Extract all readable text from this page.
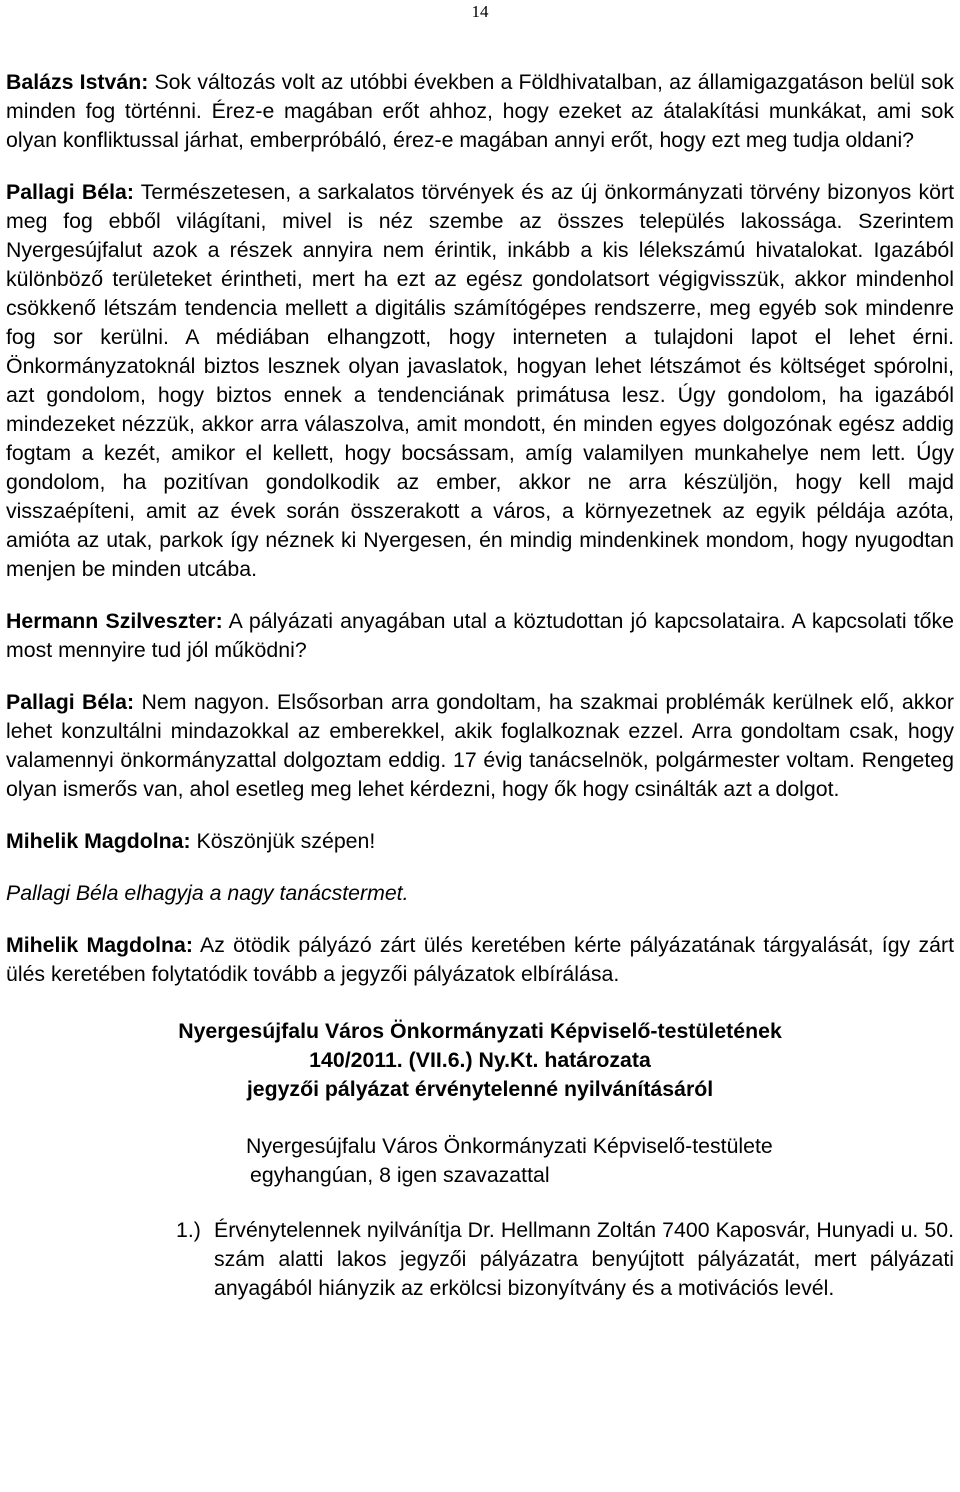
14

Balázs István: Sok változás volt az utóbbi években a Földhivatalban, az államigazgatáson belül sok minden fog történni. Érez-e magában erőt ahhoz, hogy ezeket az átalakítási munkákat, ami sok olyan konfliktussal járhat, emberpróbáló, érez-e magában annyi erőt, hogy ezt meg tudja oldani?

Pallagi Béla: Természetesen, a sarkalatos törvények és az új önkormányzati törvény bizonyos kört meg fog ebből világítani, mivel is néz szembe az összes település lakossága. Szerintem Nyergesújfalut azok a részek annyira nem érintik, inkább a kis lélekszámú hivatalokat. Igazából különböző területeket érintheti, mert ha ezt az egész gondolatsort végigvisszük, akkor mindenhol csökkenő létszám tendencia mellett a digitális számítógépes rendszerre, meg egyéb sok mindenre fog sor kerülni. A médiában elhangzott, hogy interneten a tulajdoni lapot el lehet érni. Önkormányzatoknál biztos lesznek olyan javaslatok, hogyan lehet létszámot és költséget spórolni, azt gondolom, hogy biztos ennek a tendenciának primátusa lesz. Úgy gondolom, ha igazából mindezeket nézzük, akkor arra válaszolva, amit mondott, én minden egyes dolgozónak egész addig fogtam a kezét, amikor el kellett, hogy bocsássam, amíg valamilyen munkahelye nem lett. Úgy gondolom, ha pozitívan gondolkodik az ember, akkor ne arra készüljön, hogy kell majd visszaépíteni, amit az évek során összerakott a város, a környezetnek az egyik példája azóta, amióta az utak, parkok így néznek ki Nyergesen, én mindig mindenkinek mondom, hogy nyugodtan menjen be minden utcába.

Hermann Szilveszter: A pályázati anyagában utal a köztudottan jó kapcsolataira. A kapcsolati tőke most mennyire tud jól működni?

Pallagi Béla: Nem nagyon. Elsősorban arra gondoltam, ha szakmai problémák kerülnek elő, akkor lehet konzultálni mindazokkal az emberekkel, akik foglalkoznak ezzel. Arra gondoltam csak, hogy valamennyi önkormányzattal dolgoztam eddig. 17 évig tanácselnök, polgármester voltam. Rengeteg olyan ismerős van, ahol esetleg meg lehet kérdezni, hogy ők hogy csinálták azt a dolgot.

Mihelik Magdolna: Köszönjük szépen!

Pallagi Béla elhagyja a nagy tanácstermet.

Mihelik Magdolna: Az ötödik pályázó zárt ülés keretében kérte pályázatának tárgyalását, így zárt ülés keretében folytatódik tovább a jegyzői pályázatok elbírálása.

Nyergesújfalu Város Önkormányzati Képviselő-testületének
140/2011. (VII.6.) Ny.Kt. határozata
jegyzői pályázat érvénytelenné nyilvánításáról
Nyergesújfalu Város Önkormányzati Képviselő-testülete
egyhangúan, 8 igen szavazattal
1.) Érvénytelennek nyilvánítja Dr. Hellmann Zoltán 7400 Kaposvár, Hunyadi u. 50. szám alatti lakos jegyzői pályázatra benyújtott pályázatát, mert pályázati anyagából hiányzik az erkölcsi bizonyítvány és a motivációs levél.
